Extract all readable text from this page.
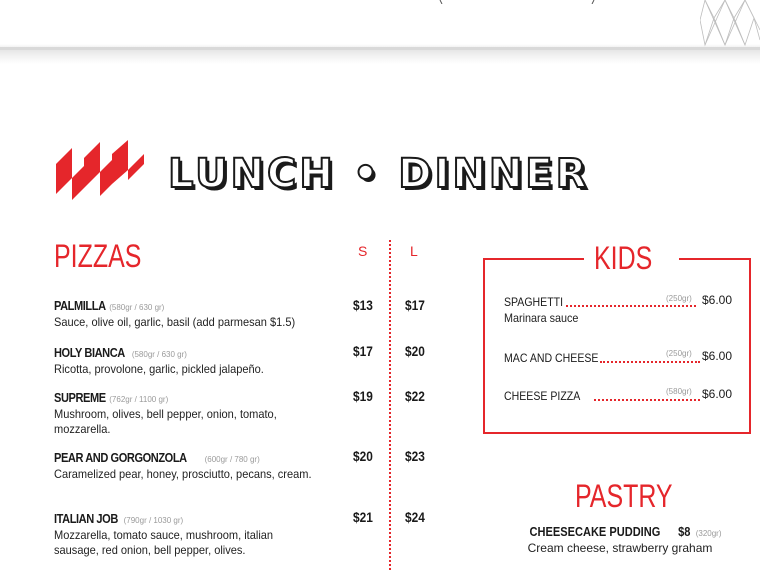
LUNCH • DINNER
PIZZAS	S	L
PALMILLA (580gr / 630 gr)
Sauce, olive oil, garlic, basil (add parmesan $1.5)
$13 $17
HOLY BIANCA (580gr / 630 gr)
Ricotta, provolone, garlic, pickled jalapeño.
$17 $20
SUPREME (762gr / 1100 gr)
Mushroom, olives, bell pepper, onion, tomato, mozzarella.
$19 $22
PEAR AND GORGONZOLA (600gr / 780 gr)
Caramelized pear, honey, prosciutto, pecans, cream.
$20 $23
ITALIAN JOB (790gr / 1030 gr)
Mozzarella, tomato sauce, mushroom, italian sausage, red onion, bell pepper, olives.
$21 $24
KIDS
SPAGHETTI	(250gr) $6.00
Marinara sauce
MAC AND CHEESE	(250gr) $6.00
CHEESE PIZZA	(580gr) $6.00
PASTRY
CHEESECAKE PUDDING $8 (320gr)
Cream cheese, strawberry graham
